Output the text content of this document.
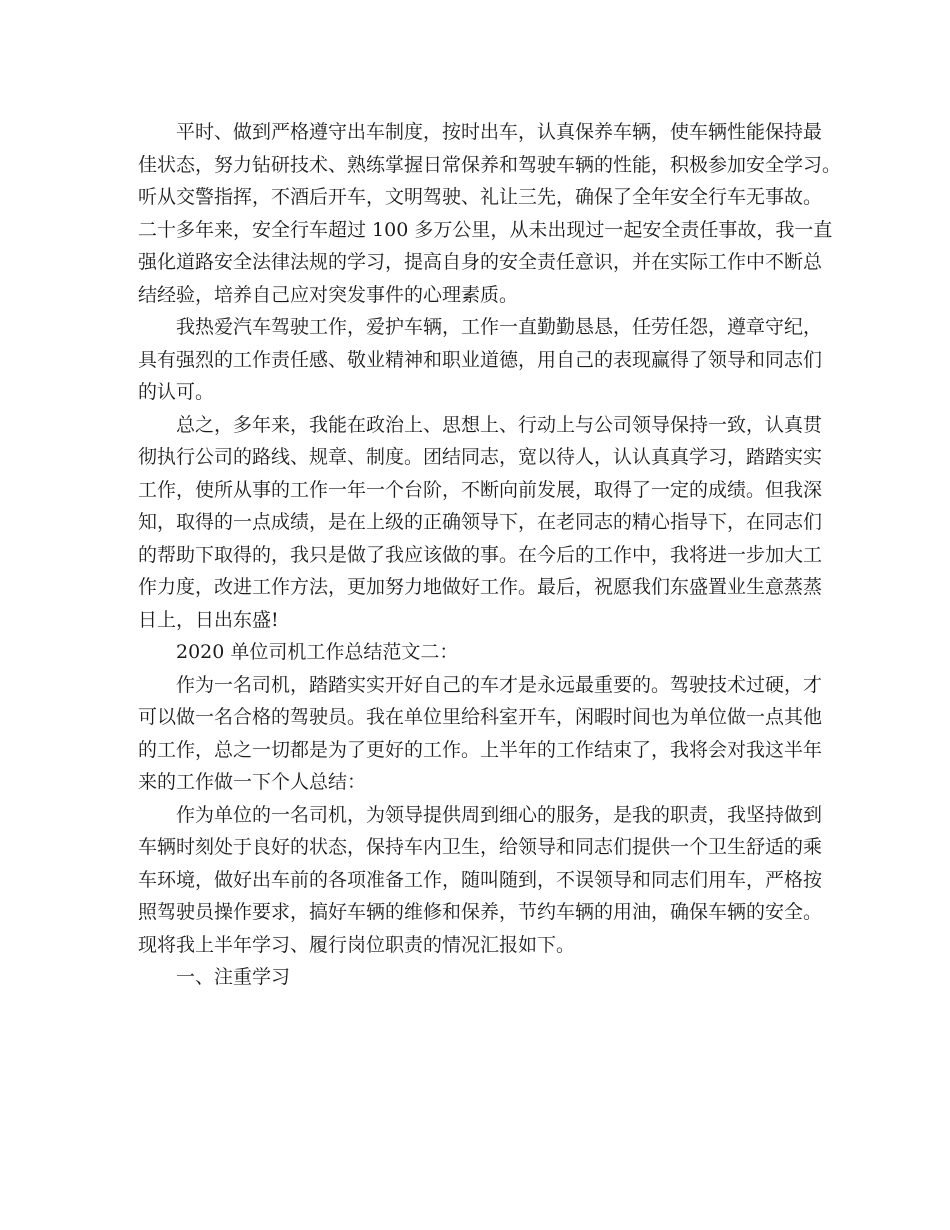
平时、做到严格遵守出车制度，按时出车，认真保养车辆，使车辆性能保持最
佳状态，努力钻研技术、熟练掌握日常保养和驾驶车辆的性能，积极参加安全学习。
听从交警指挥，不酒后开车，文明驾驶、礼让三先，确保了全年安全行车无事故。
二十多年来，安全行车超过 100 多万公里，从未出现过一起安全责任事故，我一直
强化道路安全法律法规的学习，提高自身的安全责任意识，并在实际工作中不断总
结经验，培养自己应对突发事件的心理素质。
我热爱汽车驾驶工作，爱护车辆，工作一直勤勤恳恳，任劳任怨，遵章守纪，
具有强烈的工作责任感、敬业精神和职业道德，用自己的表现赢得了领导和同志们
的认可。
总之，多年来，我能在政治上、思想上、行动上与公司领导保持一致，认真贯
彻执行公司的路线、规章、制度。团结同志，宽以待人，认认真真学习，踏踏实实
工作，使所从事的工作一年一个台阶，不断向前发展，取得了一定的成绩。但我深
知，取得的一点成绩，是在上级的正确领导下，在老同志的精心指导下，在同志们
的帮助下取得的，我只是做了我应该做的事。在今后的工作中，我将进一步加大工
作力度，改进工作方法，更加努力地做好工作。最后，祝愿我们东盛置业生意蒸蒸
日上，日出东盛!
2020 单位司机工作总结范文二：
作为一名司机，踏踏实实开好自己的车才是永远最重要的。驾驶技术过硬，才
可以做一名合格的驾驶员。我在单位里给科室开车，闲暇时间也为单位做一点其他
的工作，总之一切都是为了更好的工作。上半年的工作结束了，我将会对我这半年
来的工作做一下个人总结：
作为单位的一名司机，为领导提供周到细心的服务，是我的职责，我坚持做到
车辆时刻处于良好的状态，保持车内卫生，给领导和同志们提供一个卫生舒适的乘
车环境，做好出车前的各项准备工作，随叫随到，不误领导和同志们用车，严格按
照驾驶员操作要求，搞好车辆的维修和保养，节约车辆的用油，确保车辆的安全。
现将我上半年学习、履行岗位职责的情况汇报如下。
一、注重学习
